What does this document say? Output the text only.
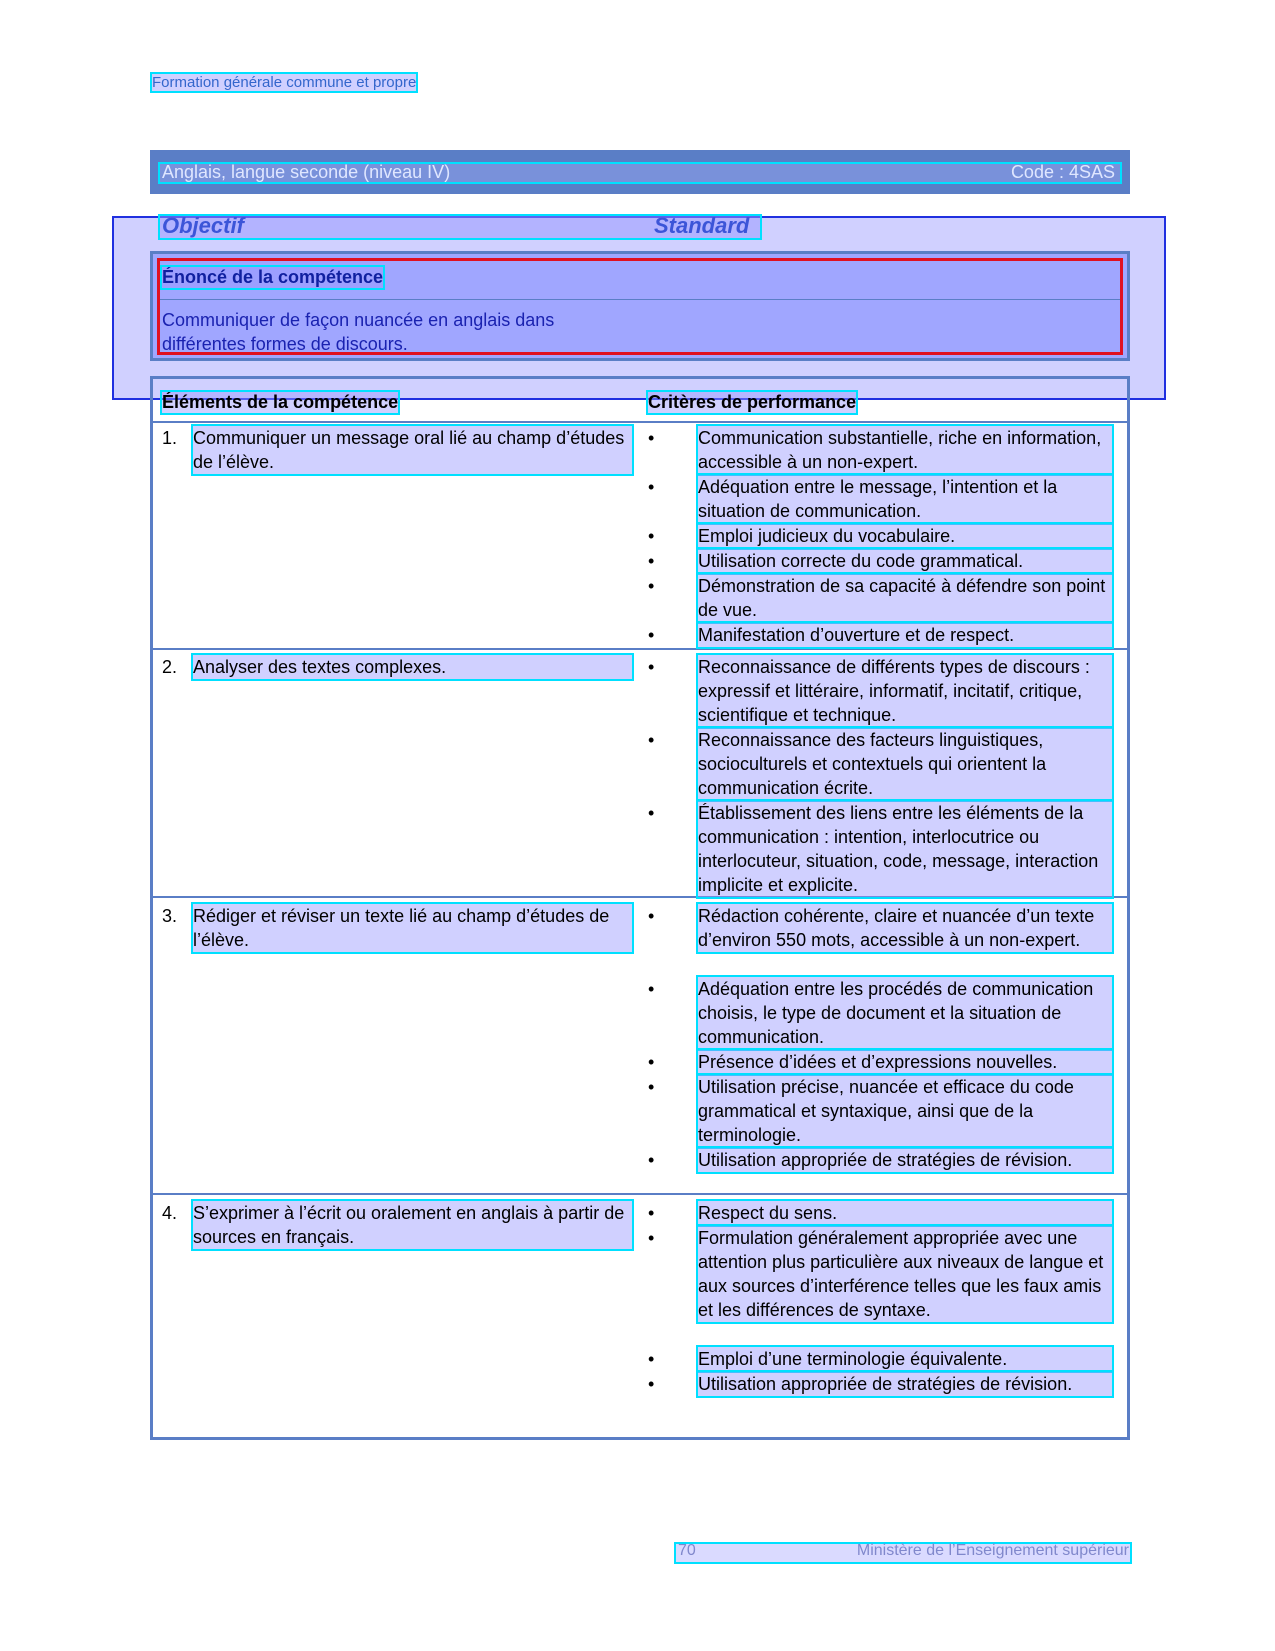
Formation générale commune et propre
Anglais, langue seconde (niveau IV)	Code : 4SAS
Objectif	Standard
Énoncé de la compétence
Communiquer de façon nuancée en anglais dans différentes formes de discours.
Éléments de la compétence	Critères de performance
1. Communiquer un message oral lié au champ d’études de l’élève.
• Communication substantielle, riche en information, accessible à un non-expert.
• Adéquation entre le message, l’intention et la situation de communication.
• Emploi judicieux du vocabulaire.
• Utilisation correcte du code grammatical.
• Démonstration de sa capacité à défendre son point de vue.
• Manifestation d’ouverture et de respect.
2. Analyser des textes complexes.	• Reconnaissance de différents types de discours : expressif et littéraire, informatif, incitatif, critique, scientifique et technique.
• Reconnaissance des facteurs linguistiques, socioculturels et contextuels qui orientent la communication écrite.
• Établissement des liens entre les éléments de la communication : intention, interlocutrice ou interlocuteur, situation, code, message, interaction implicite et explicite.
3. Rédiger et réviser un texte lié au champ d’études de l’élève.
• Rédaction cohérente, claire et nuancée d’un texte d’environ 550 mots, accessible à un non-expert.
• Adéquation entre les procédés de communication choisis, le type de document et la situation de communication.
• Présence d’idées et d’expressions nouvelles.
• Utilisation précise, nuancée et efficace du code grammatical et syntaxique, ainsi que de la terminologie.
• Utilisation appropriée de stratégies de révision.
4. S’exprimer à l’écrit ou oralement en anglais à partir de sources en français.
• Respect du sens.
• Formulation généralement appropriée avec une attention plus particulière aux niveaux de langue et aux sources d’interférence telles que les faux amis et les différences de syntaxe.
• Emploi d’une terminologie équivalente.
• Utilisation appropriée de stratégies de révision.
70	Ministère de l’Enseignement supérieur
